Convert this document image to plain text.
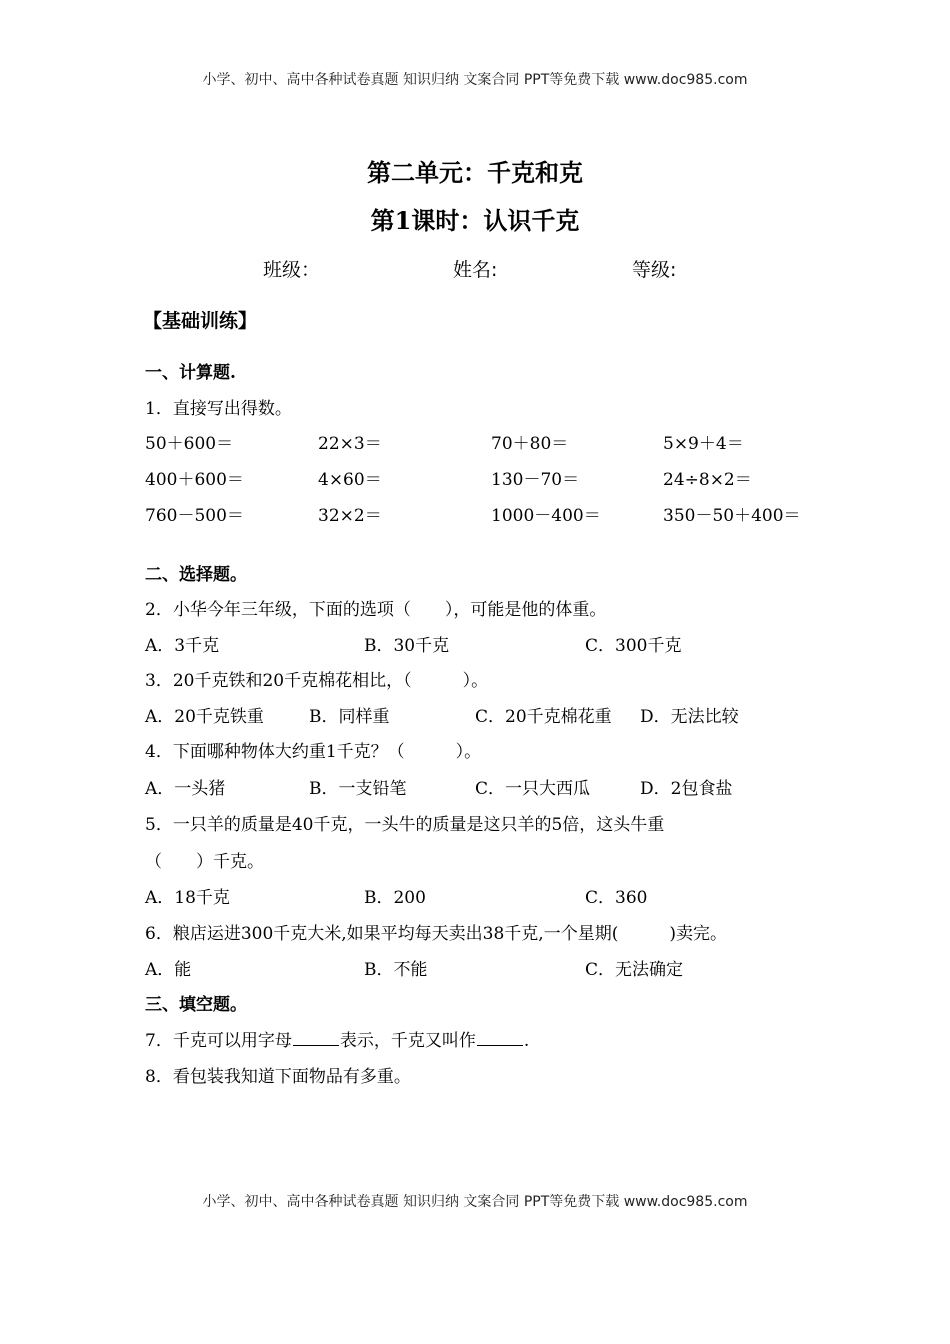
小学、初中、高中各种试卷真题 知识归纳 文案合同 PPT等免费下载 www.doc985.com
第二单元：千克和克
第1课时：认识千克
班级：	姓名:	等级:
【基础训练】
一、计算题.
1．直接写出得数。
50＋600＝	22×3＝	70＋80＝	5×9＋4＝
400＋600＝	4×60＝	130－70＝	24÷8×2＝
760－500＝	32×2＝	1000－400＝	350－50＋400＝
二、选择题。
2．小华今年三年级，下面的选项（　　），可能是他的体重。
A．3千克	B．30千克	C．300千克
3．20千克铁和20千克棉花相比，（　　　）。
A．20千克铁重	B．同样重	C．20千克棉花重 D．无法比较
4．下面哪种物体大约重1千克？（　　　）。
A．一头猪	B．一支铅笔	C．一只大西瓜	D．2包食盐
5．一只羊的质量是40千克，一头牛的质量是这只羊的5倍，这头牛重
（　　）千克。
A．18千克	B．200	C．360
6．粮店运进300千克大米,如果平均每天卖出38千克,一个星期(　　　)卖完。
A．能	B．不能	C．无法确定
三、填空题。
7．千克可以用字母	表示，千克又叫作	.
8．看包装我知道下面物品有多重。
小学、初中、高中各种试卷真题 知识归纳 文案合同 PPT等免费下载 www.doc985.com
